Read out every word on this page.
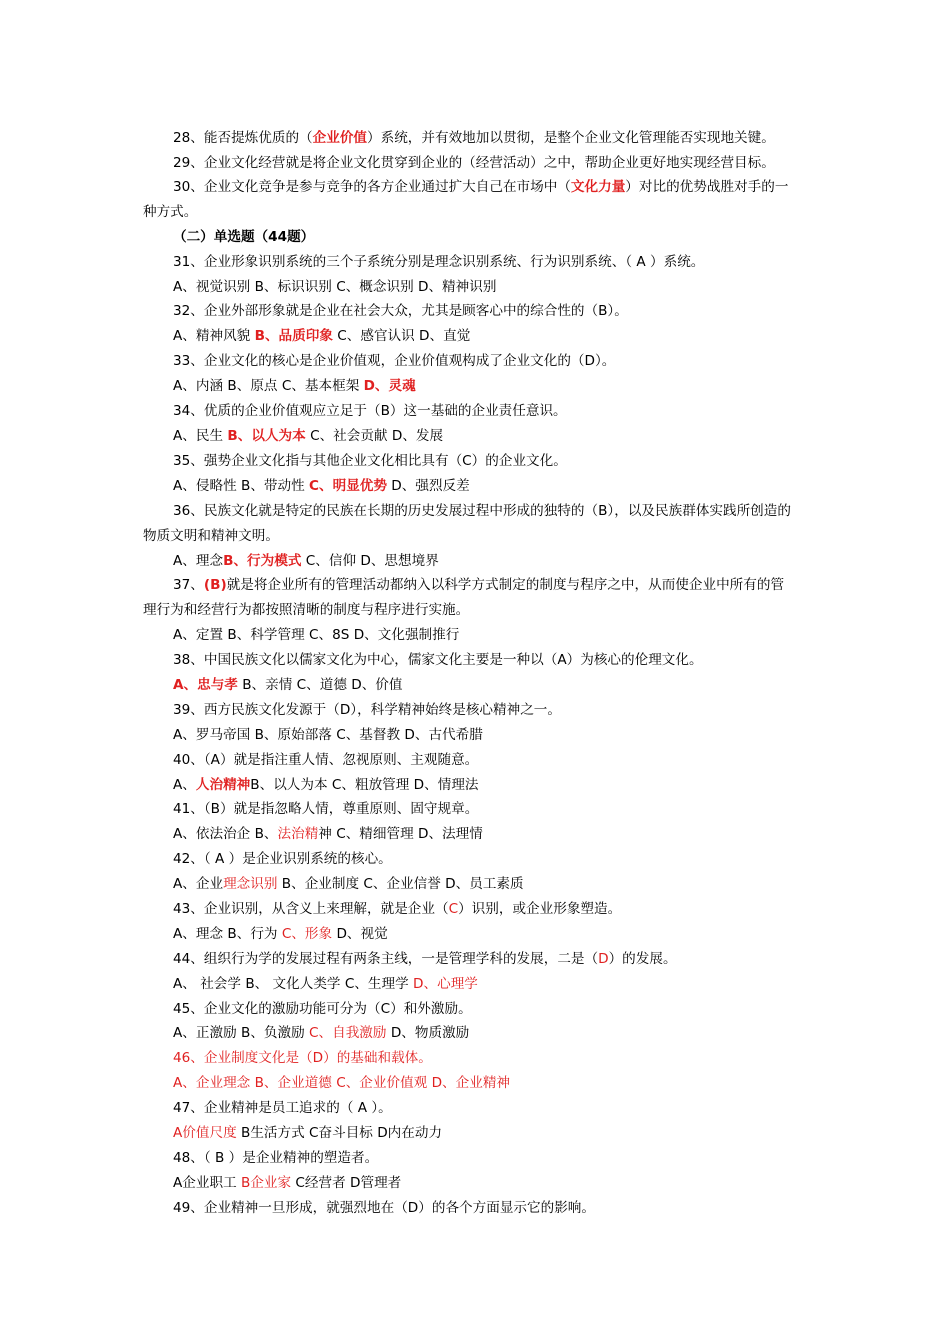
28、能否提炼优质的（企业价值）系统，并有效地加以贯彻，是整个企业文化管理能否实现地关键。
29、企业文化经营就是将企业文化贯穿到企业的（经营活动）之中，帮助企业更好地实现经营目标。
30、企业文化竞争是参与竞争的各方企业通过扩大自己在市场中（文化力量）对比的优势战胜对手的一
种方式。
（二）单选题（44题）
31、企业形象识别系统的三个子系统分别是理念识别系统、行为识别系统、（ A ）系统。
A、视觉识别 B、标识识别 C、概念识别 D、精神识别
32、企业外部形象就是企业在社会大众，尤其是顾客心中的综合性的（B）。
A、精神风貌 B、品质印象 C、感官认识 D、直觉
33、企业文化的核心是企业价值观，企业价值观构成了企业文化的（D）。
A、内涵 B、原点 C、基本框架 D、灵魂
34、优质的企业价值观应立足于（B）这一基础的企业责任意识。
A、民生 B、以人为本 C、社会贡献 D、发展
35、强势企业文化指与其他企业文化相比具有（C）的企业文化。
A、侵略性 B、带动性 C、明显优势 D、强烈反差
36、民族文化就是特定的民族在长期的历史发展过程中形成的独特的（B），以及民族群体实践所创造的
物质文明和精神文明。
A、理念B、行为模式 C、信仰 D、思想境界
37、(B)就是将企业所有的管理活动都纳入以科学方式制定的制度与程序之中，从而使企业中所有的管
理行为和经营行为都按照清晰的制度与程序进行实施。
A、定置 B、科学管理 C、8S D、文化强制推行
38、中国民族文化以儒家文化为中心，儒家文化主要是一种以（A）为核心的伦理文化。
A、忠与孝 B、亲情 C、道德 D、价值
39、西方民族文化发源于（D），科学精神始终是核心精神之一。
A、罗马帝国 B、原始部落 C、基督教 D、古代希腊
40、（A）就是指注重人情、忽视原则、主观随意。
A、人治精神B、以人为本 C、粗放管理 D、情理法
41、（B）就是指忽略人情，尊重原则、固守规章。
A、依法治企 B、法治精神 C、精细管理 D、法理情
42、（ A ）是企业识别系统的核心。
A、企业理念识别 B、企业制度 C、企业信誉 D、员工素质
43、企业识别，从含义上来理解，就是企业（C）识别，或企业形象塑造。
A、理念 B、行为 C、形象 D、视觉
44、组织行为学的发展过程有两条主线，一是管理学科的发展，二是（D）的发展。
A、 社会学 B、 文化人类学 C、生理学 D、心理学
45、企业文化的激励功能可分为（C）和外激励。
A、正激励 B、负激励 C、自我激励 D、物质激励
46、企业制度文化是（D）的基础和载体。
A、企业理念 B、企业道德 C、企业价值观 D、企业精神
47、企业精神是员工追求的（ A ）。
A价值尺度 B生活方式 C奋斗目标 D内在动力
48、（ B ）是企业精神的塑造者。
A企业职工 B企业家 C经营者 D管理者
49、企业精神一旦形成，就强烈地在（D）的各个方面显示它的影响。
